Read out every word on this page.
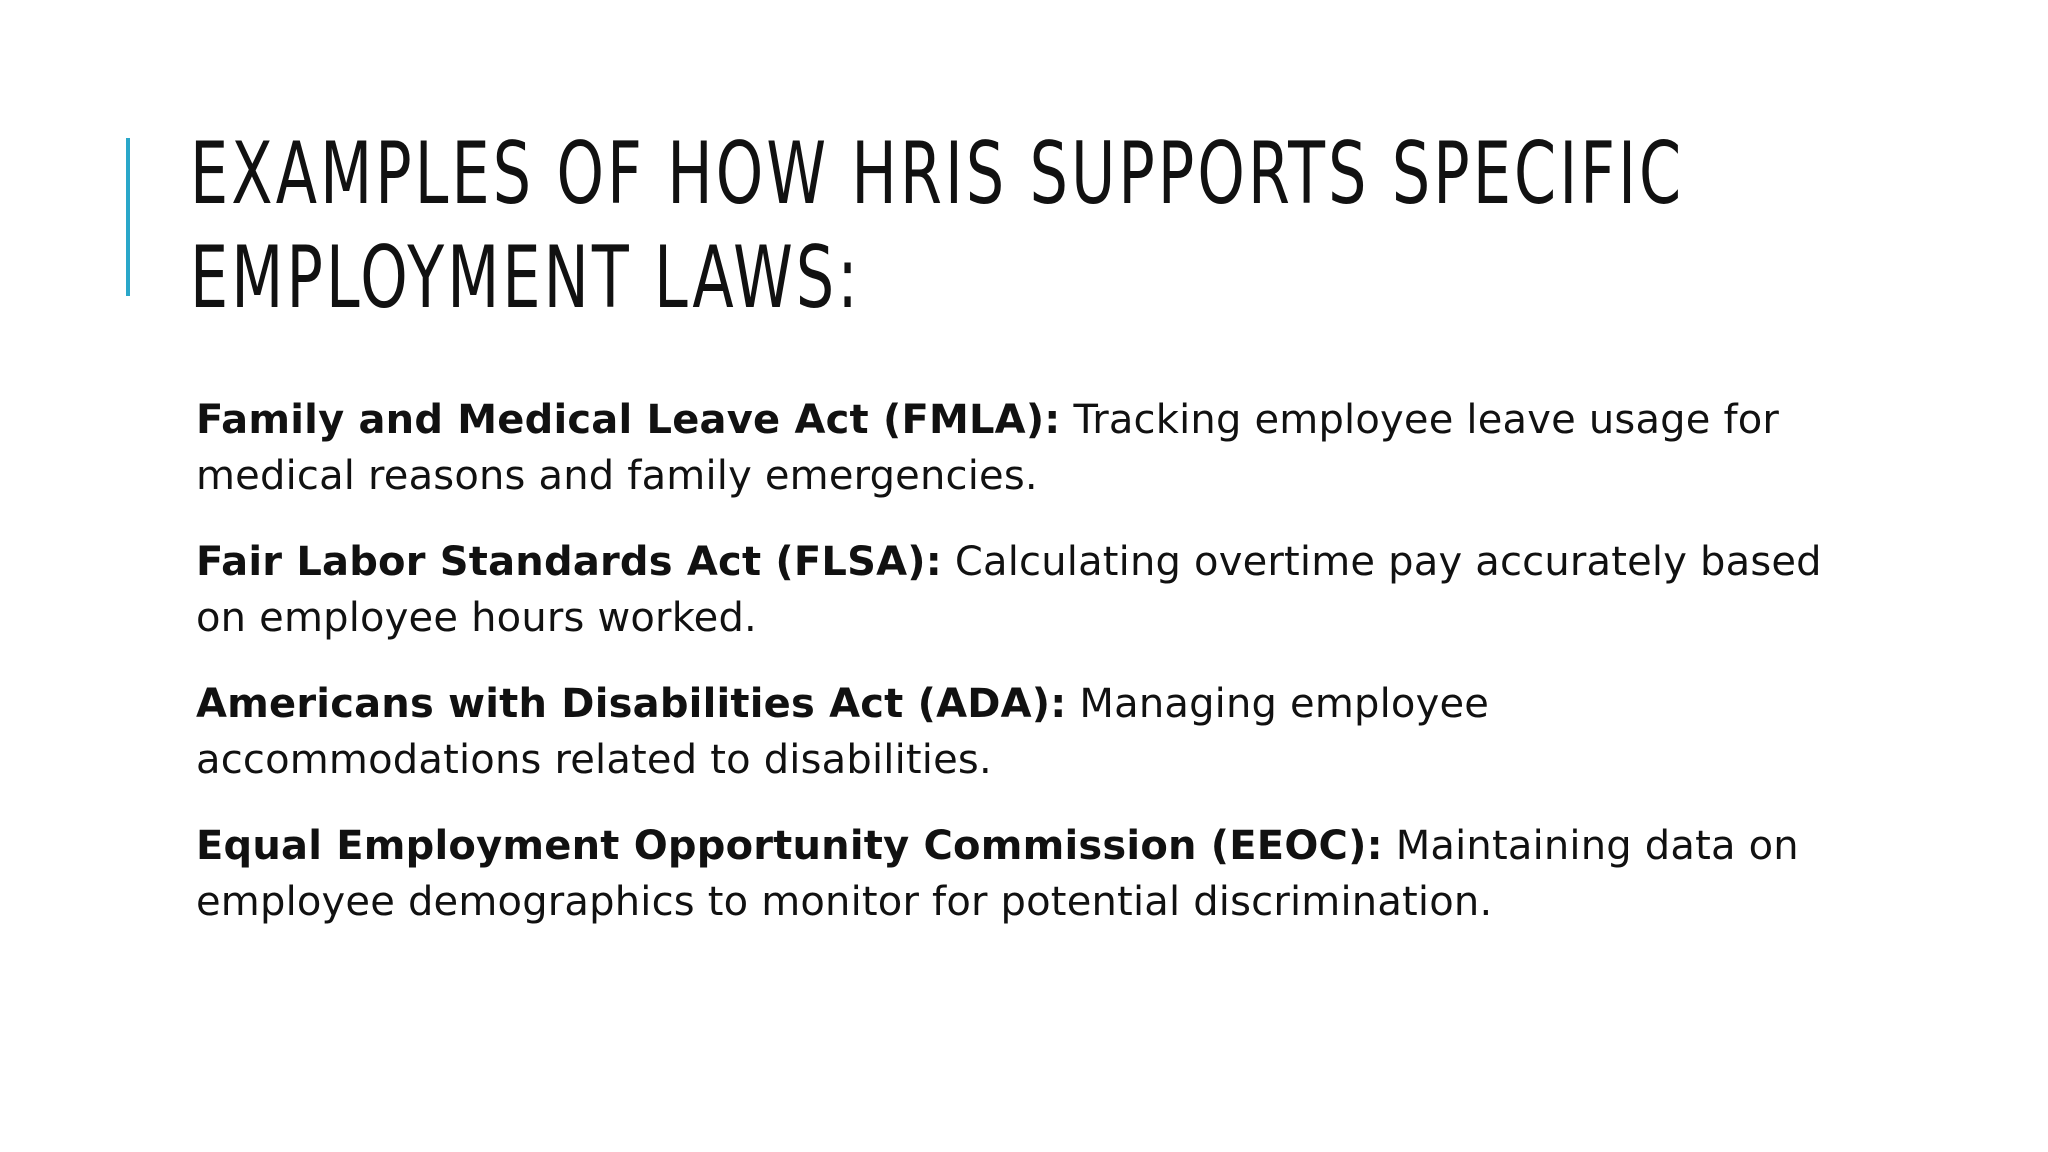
EXAMPLES OF HOW HRIS SUPPORTS SPECIFIC
EMPLOYMENT LAWS:

Family and Medical Leave Act (FMLA): Tracking employee leave usage for medical reasons and family emergencies.

Fair Labor Standards Act (FLSA): Calculating overtime pay accurately based on employee hours worked.

Americans with Disabilities Act (ADA): Managing employee accommodations related to disabilities.

Equal Employment Opportunity Commission (EEOC): Maintaining data on employee demographics to monitor for potential discrimination.
